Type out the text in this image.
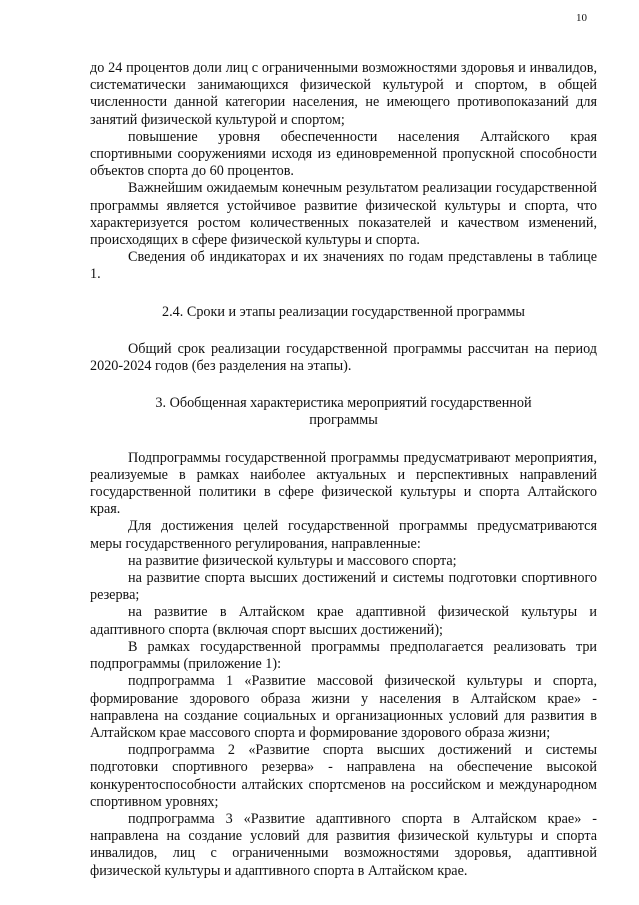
10

до 24 процентов доли лиц с ограниченными возможностями здоровья и инвалидов, систематически занимающихся физической культурой и спортом, в общей численности данной категории населения, не имеющего противопоказаний для занятий физической культурой и спортом;

повышение уровня обеспеченности населения Алтайского края спортивными сооружениями исходя из единовременной пропускной способности объектов спорта до 60 процентов.

Важнейшим ожидаемым конечным результатом реализации государственной программы является устойчивое развитие физической культуры и спорта, что характеризуется ростом количественных показателей и качеством изменений, происходящих в сфере физической культуры и спорта.

Сведения об индикаторах и их значениях по годам представлены в таблице 1.

2.4. Сроки и этапы реализации государственной программы

Общий срок реализации государственной программы рассчитан на период 2020-2024 годов (без разделения на этапы).

3. Обобщенная характеристика мероприятий государственной
программы

Подпрограммы государственной программы предусматривают мероприятия, реализуемые в рамках наиболее актуальных и перспективных направлений государственной политики в сфере физической культуры и спорта Алтайского края.

Для достижения целей государственной программы предусматриваются меры государственного регулирования, направленные:

на развитие физической культуры и массового спорта;

на развитие спорта высших достижений и системы подготовки спортивного резерва;

на развитие в Алтайском крае адаптивной физической культуры и адаптивного спорта (включая спорт высших достижений);

В рамках государственной программы предполагается реализовать три подпрограммы (приложение 1):

подпрограмма 1 «Развитие массовой физической культуры и спорта, формирование здорового образа жизни у населения в Алтайском крае» - направлена на создание социальных и организационных условий для развития в Алтайском крае массового спорта и формирование здорового образа жизни;

подпрограмма 2 «Развитие спорта высших достижений и системы подготовки спортивного резерва» - направлена на обеспечение высокой конкурентоспособности алтайских спортсменов на российском и международном спортивном уровнях;

подпрограмма 3 «Развитие адаптивного спорта в Алтайском крае» - направлена на создание условий для развития физической культуры и спорта инвалидов, лиц с ограниченными возможностями здоровья, адаптивной физической культуры и адаптивного спорта в Алтайском крае.
